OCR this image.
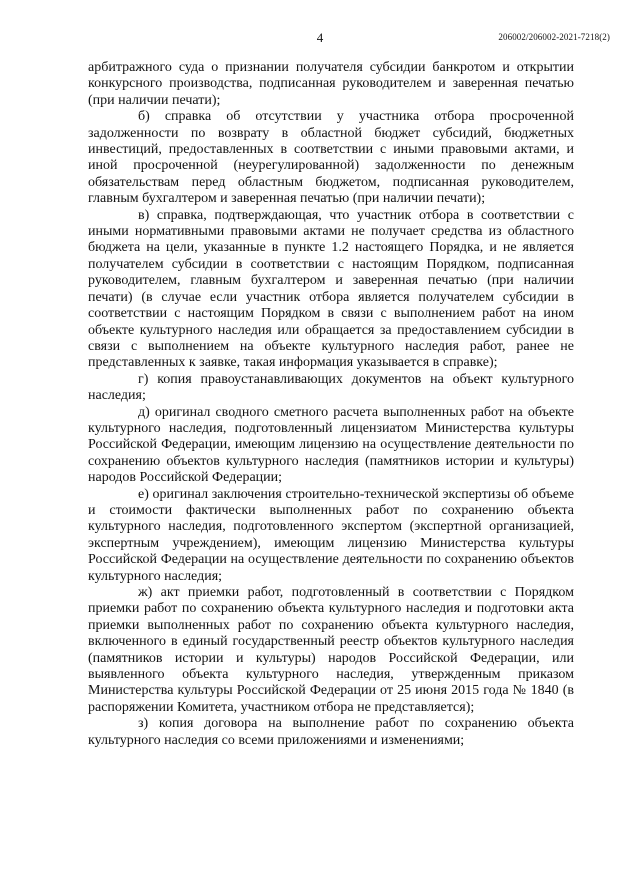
4	206002/206002-2021-7218(2)

арбитражного суда о признании получателя субсидии банкротом и открытии конкурсного производства, подписанная руководителем и заверенная печатью (при наличии печати);

б) справка об отсутствии у участника отбора просроченной задолженности по возврату в областной бюджет субсидий, бюджетных инвестиций, предоставленных в соответствии с иными правовыми актами, и иной просроченной (неурегулированной) задолженности по денежным обязательствам перед областным бюджетом, подписанная руководителем, главным бухгалтером и заверенная печатью (при наличии печати);

в) справка, подтверждающая, что участник отбора в соответствии с иными нормативными правовыми актами не получает средства из областного бюджета на цели, указанные в пункте 1.2 настоящего Порядка, и не является получателем субсидии в соответствии с настоящим Порядком, подписанная руководителем, главным бухгалтером и заверенная печатью (при наличии печати) (в случае если участник отбора является получателем субсидии в соответствии с настоящим Порядком в связи с выполнением работ на ином объекте культурного наследия или обращается за предоставлением субсидии в связи с выполнением на объекте культурного наследия работ, ранее не представленных к заявке, такая информация указывается в справке);

г) копия правоустанавливающих документов на объект культурного наследия;

д) оригинал сводного сметного расчета выполненных работ на объекте культурного наследия, подготовленный лицензиатом Министерства культуры Российской Федерации, имеющим лицензию на осуществление деятельности по сохранению объектов культурного наследия (памятников истории и культуры) народов Российской Федерации;

е) оригинал заключения строительно-технической экспертизы об объеме и стоимости фактически выполненных работ по сохранению объекта культурного наследия, подготовленного экспертом (экспертной организацией, экспертным учреждением), имеющим лицензию Министерства культуры Российской Федерации на осуществление деятельности по сохранению объектов культурного наследия;

ж) акт приемки работ, подготовленный в соответствии с Порядком приемки работ по сохранению объекта культурного наследия и подготовки акта приемки выполненных работ по сохранению объекта культурного наследия, включенного в единый государственный реестр объектов культурного наследия (памятников истории и культуры) народов Российской Федерации, или выявленного объекта культурного наследия, утвержденным приказом Министерства культуры Российской Федерации от 25 июня 2015 года № 1840 (в распоряжении Комитета, участником отбора не представляется);

з) копия договора на выполнение работ по сохранению объекта культурного наследия со всеми приложениями и изменениями;
